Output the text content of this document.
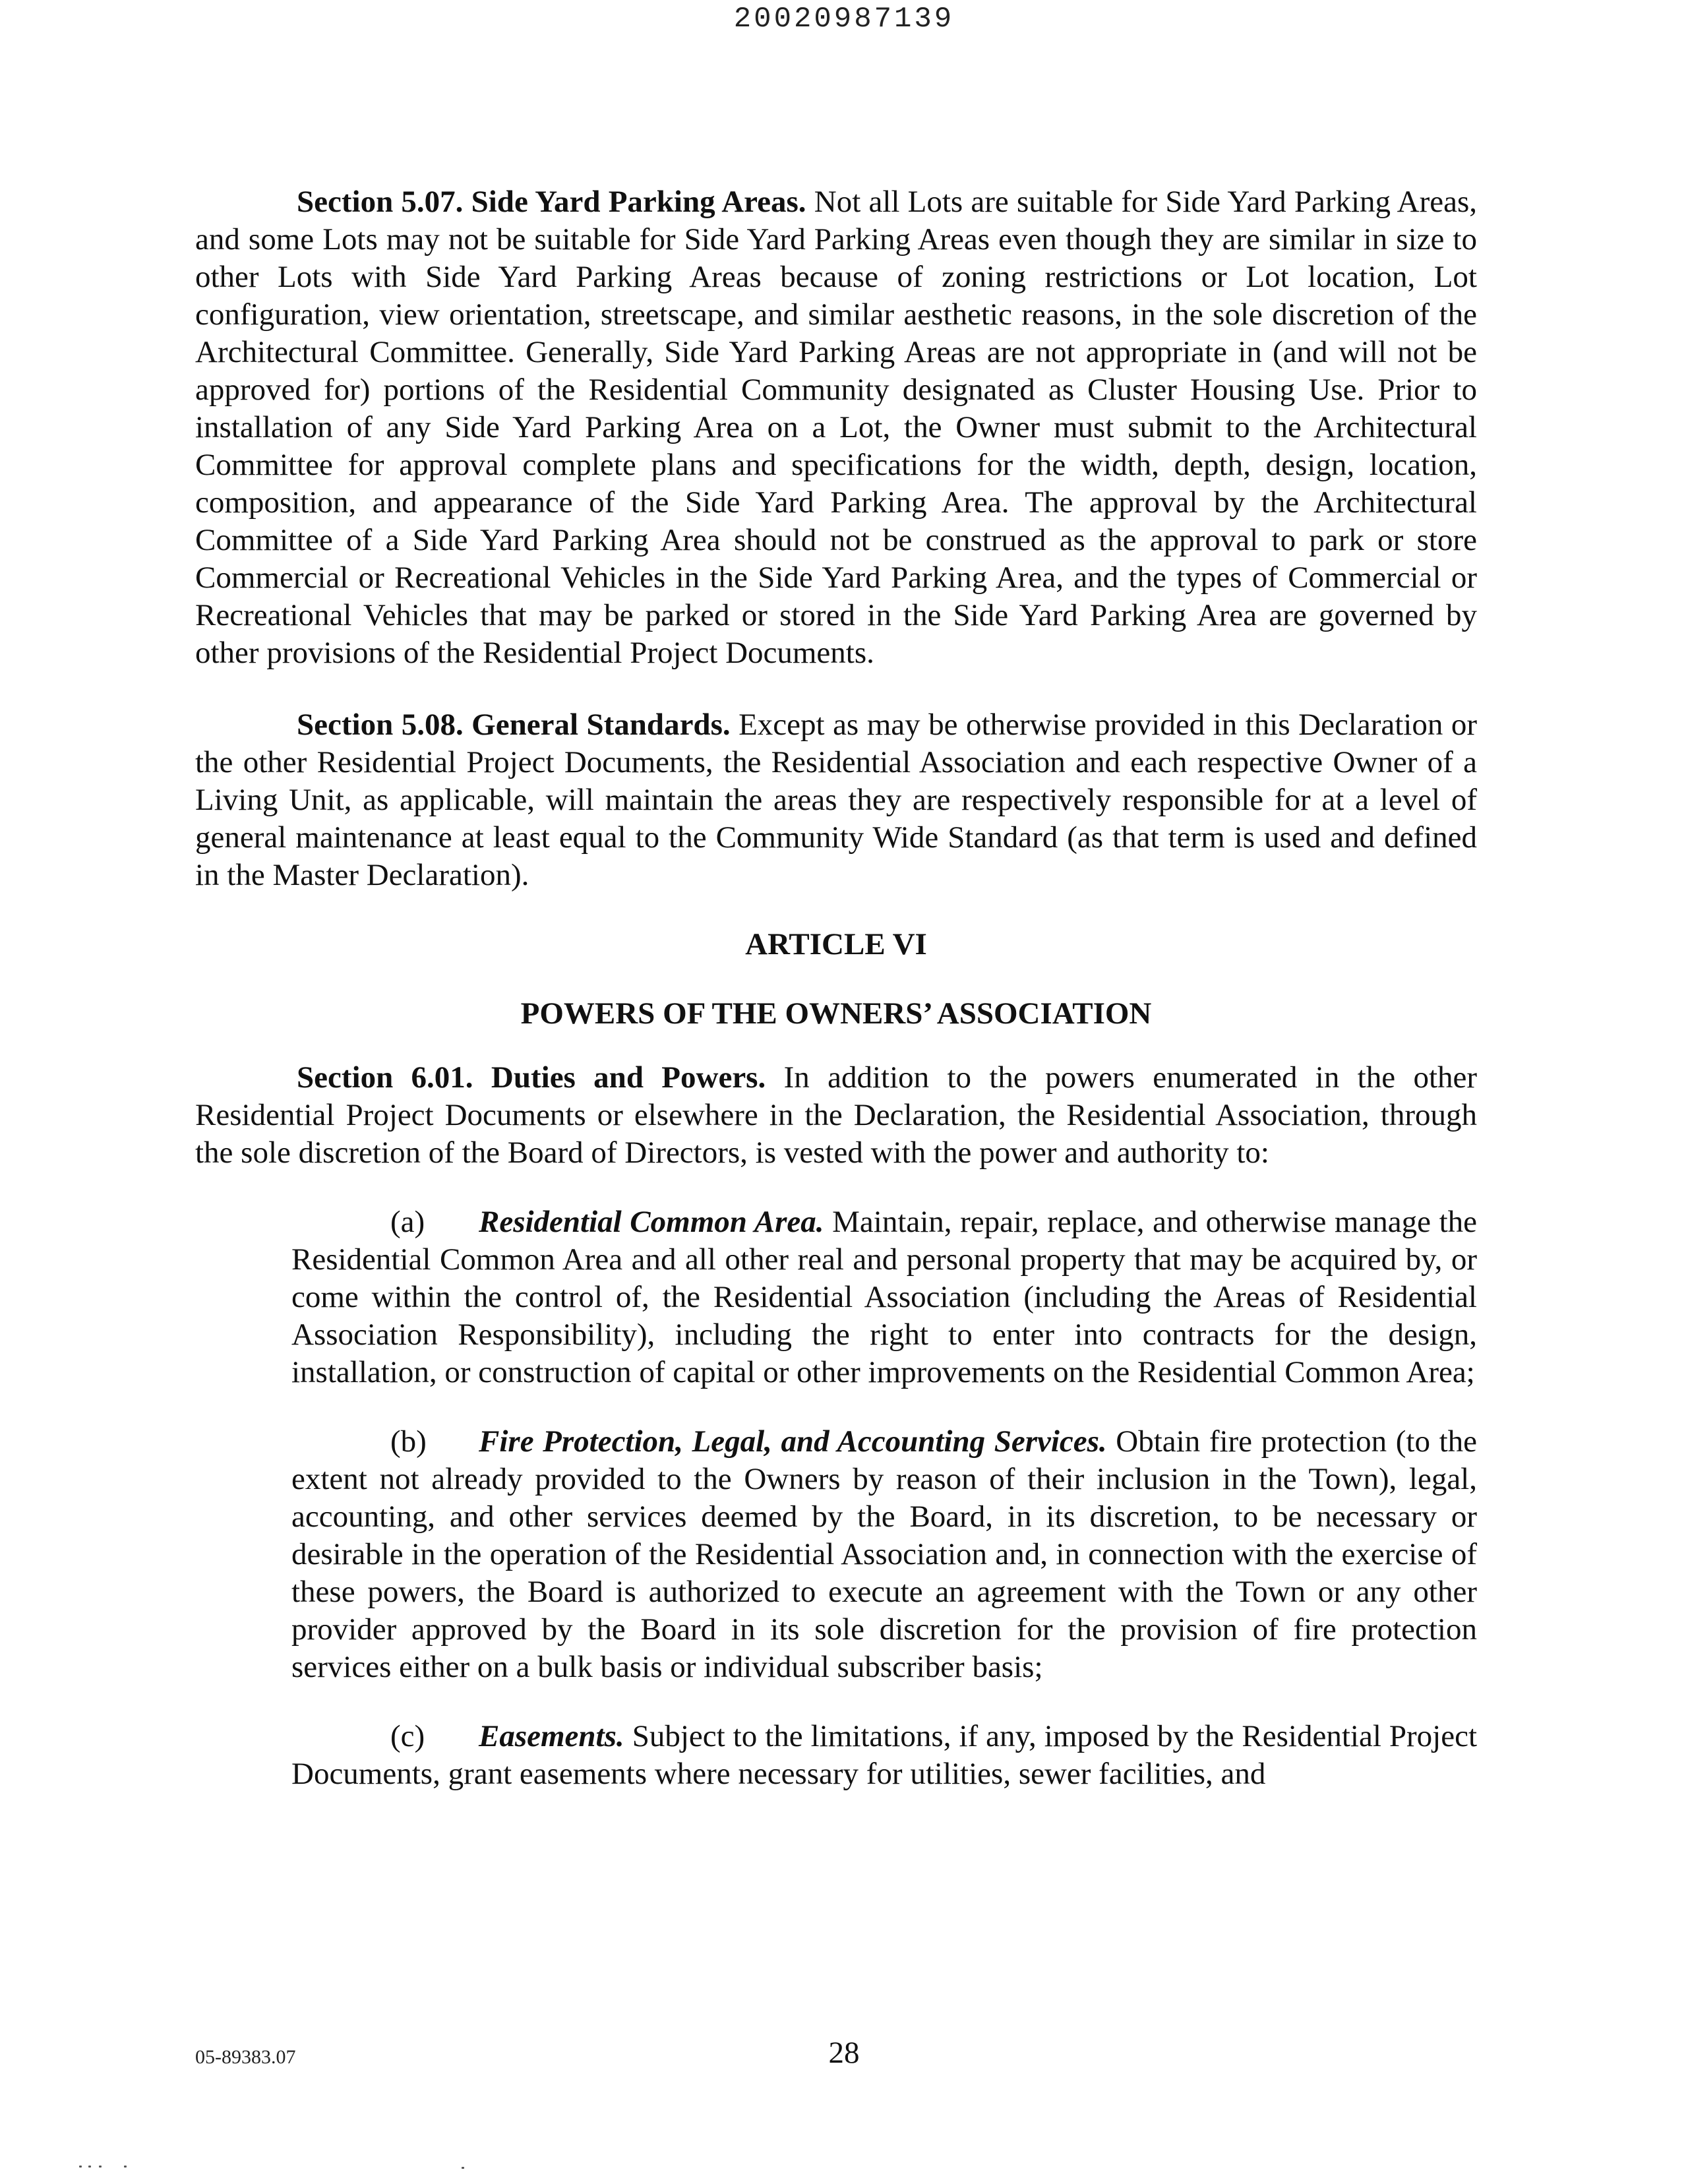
20020987139

Section 5.07. Side Yard Parking Areas. Not all Lots are suitable for Side Yard Parking Areas, and some Lots may not be suitable for Side Yard Parking Areas even though they are similar in size to other Lots with Side Yard Parking Areas because of zoning restrictions or Lot location, Lot configuration, view orientation, streetscape, and similar aesthetic reasons, in the sole discretion of the Architectural Committee. Generally, Side Yard Parking Areas are not appropriate in (and will not be approved for) portions of the Residential Community designated as Cluster Housing Use. Prior to installation of any Side Yard Parking Area on a Lot, the Owner must submit to the Architectural Committee for approval complete plans and specifications for the width, depth, design, location, composition, and appearance of the Side Yard Parking Area. The approval by the Architectural Committee of a Side Yard Parking Area should not be construed as the approval to park or store Commercial or Recreational Vehicles in the Side Yard Parking Area, and the types of Commercial or Recreational Vehicles that may be parked or stored in the Side Yard Parking Area are governed by other provisions of the Residential Project Documents.

Section 5.08. General Standards. Except as may be otherwise provided in this Declaration or the other Residential Project Documents, the Residential Association and each respective Owner of a Living Unit, as applicable, will maintain the areas they are respectively responsible for at a level of general maintenance at least equal to the Community Wide Standard (as that term is used and defined in the Master Declaration).

ARTICLE VI

POWERS OF THE OWNERS’ ASSOCIATION

Section 6.01. Duties and Powers. In addition to the powers enumerated in the other Residential Project Documents or elsewhere in the Declaration, the Residential Association, through the sole discretion of the Board of Directors, is vested with the power and authority to:

(a) Residential Common Area. Maintain, repair, replace, and otherwise manage the Residential Common Area and all other real and personal property that may be acquired by, or come within the control of, the Residential Association (including the Areas of Residential Association Responsibility), including the right to enter into contracts for the design, installation, or construction of capital or other improvements on the Residential Common Area;

(b) Fire Protection, Legal, and Accounting Services. Obtain fire protection (to the extent not already provided to the Owners by reason of their inclusion in the Town), legal, accounting, and other services deemed by the Board, in its discretion, to be necessary or desirable in the operation of the Residential Association and, in connection with the exercise of these powers, the Board is authorized to execute an agreement with the Town or any other provider approved by the Board in its sole discretion for the provision of fire protection services either on a bulk basis or individual subscriber basis;

(c) Easements. Subject to the limitations, if any, imposed by the Residential Project Documents, grant easements where necessary for utilities, sewer facilities, and

05-89383.07	28
